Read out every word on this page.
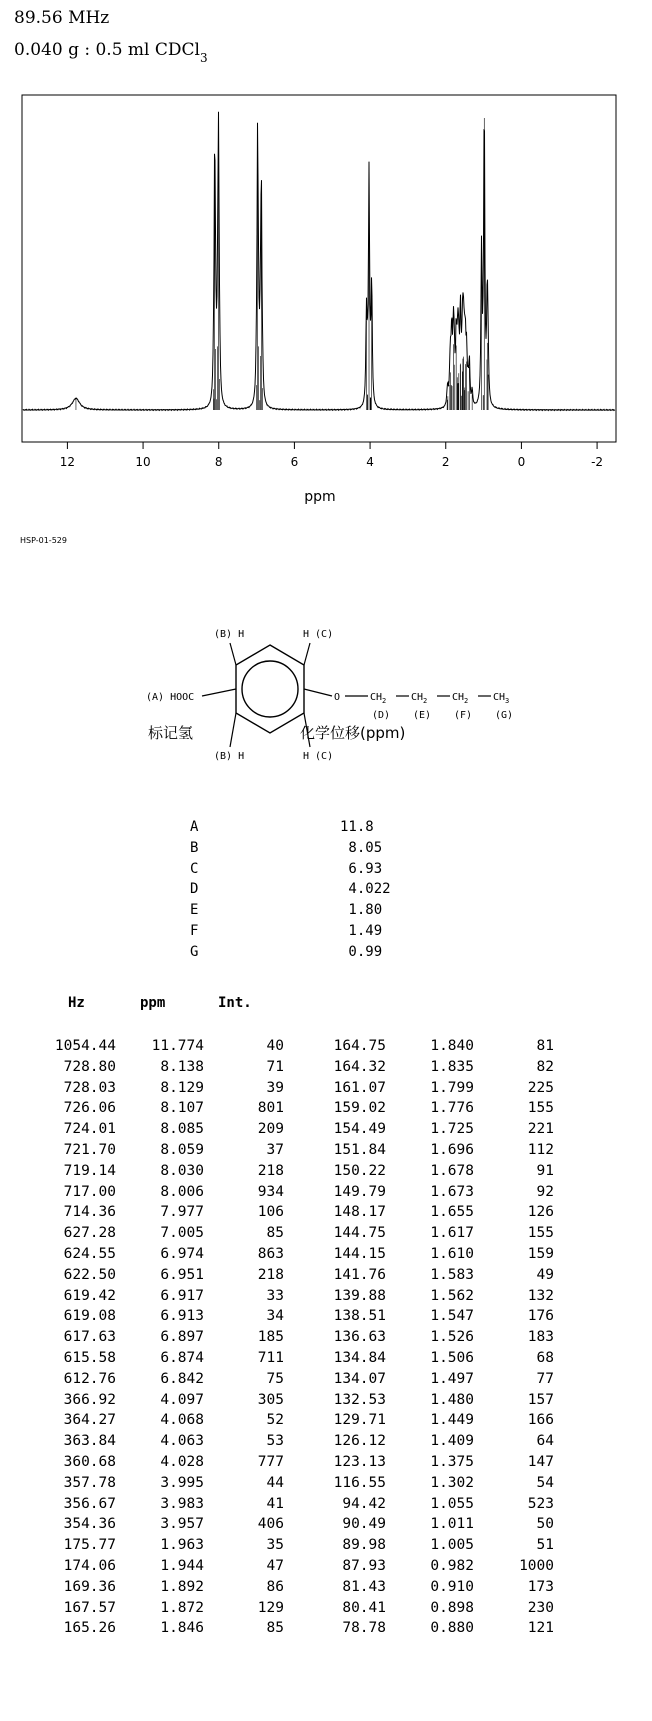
89.56 MHz
0.040 g : 0.5 ml CDCl$_3$
12	10	8	6	4	2	0	-2
ppm
HSP-01-529
(B) H	H (C)
(B) H	H (C)
(A) HOOC	O	$CH_2$ $CH_2$ $CH_2$ $CH_3$
(D) (E) (F) (G)
标记氢	化学位移(ppm)
A	11.8
B	8.05
C	6.93
D	4.022
E	1.80
F	1.49
G	0.99
Hz	ppm	Int.
1054.44	11.774	40
728.80	8.138	71
728.03	8.129	39
726.06	8.107	801
724.01	8.085	209
721.70	8.059	37
719.14	8.030	218
717.00	8.006	934
714.36	7.977	106
627.28	7.005	85
624.55	6.974	863
622.50	6.951	218
619.42	6.917	33
619.08	6.913	34
617.63	6.897	185
615.58	6.874	711
612.76	6.842	75
366.92	4.097	305
364.27	4.068	52
363.84	4.063	53
360.68	4.028	777
357.78	3.995	44
356.67	3.983	41
354.36	3.957	406
175.77	1.963	35
174.06	1.944	47
169.36	1.892	86
167.57	1.872	129
165.26	1.846	85
164.75	1.840	81
164.32	1.835	82
161.07	1.799	225
159.02	1.776	155
154.49	1.725	221
151.84	1.696	112
150.22	1.678	91
149.79	1.673	92
148.17	1.655	126
144.75	1.617	155
144.15	1.610	159
141.76	1.583	49
139.88	1.562	132
138.51	1.547	176
136.63	1.526	183
134.84	1.506	68
134.07	1.497	77
132.53	1.480	157
129.71	1.449	166
126.12	1.409	64
123.13	1.375	147
116.55	1.302	54
94.42	1.055	523
90.49	1.011	50
89.98	1.005	51
87.93	0.982	1000
81.43	0.910	173
80.41	0.898	230
78.78	0.880	121
